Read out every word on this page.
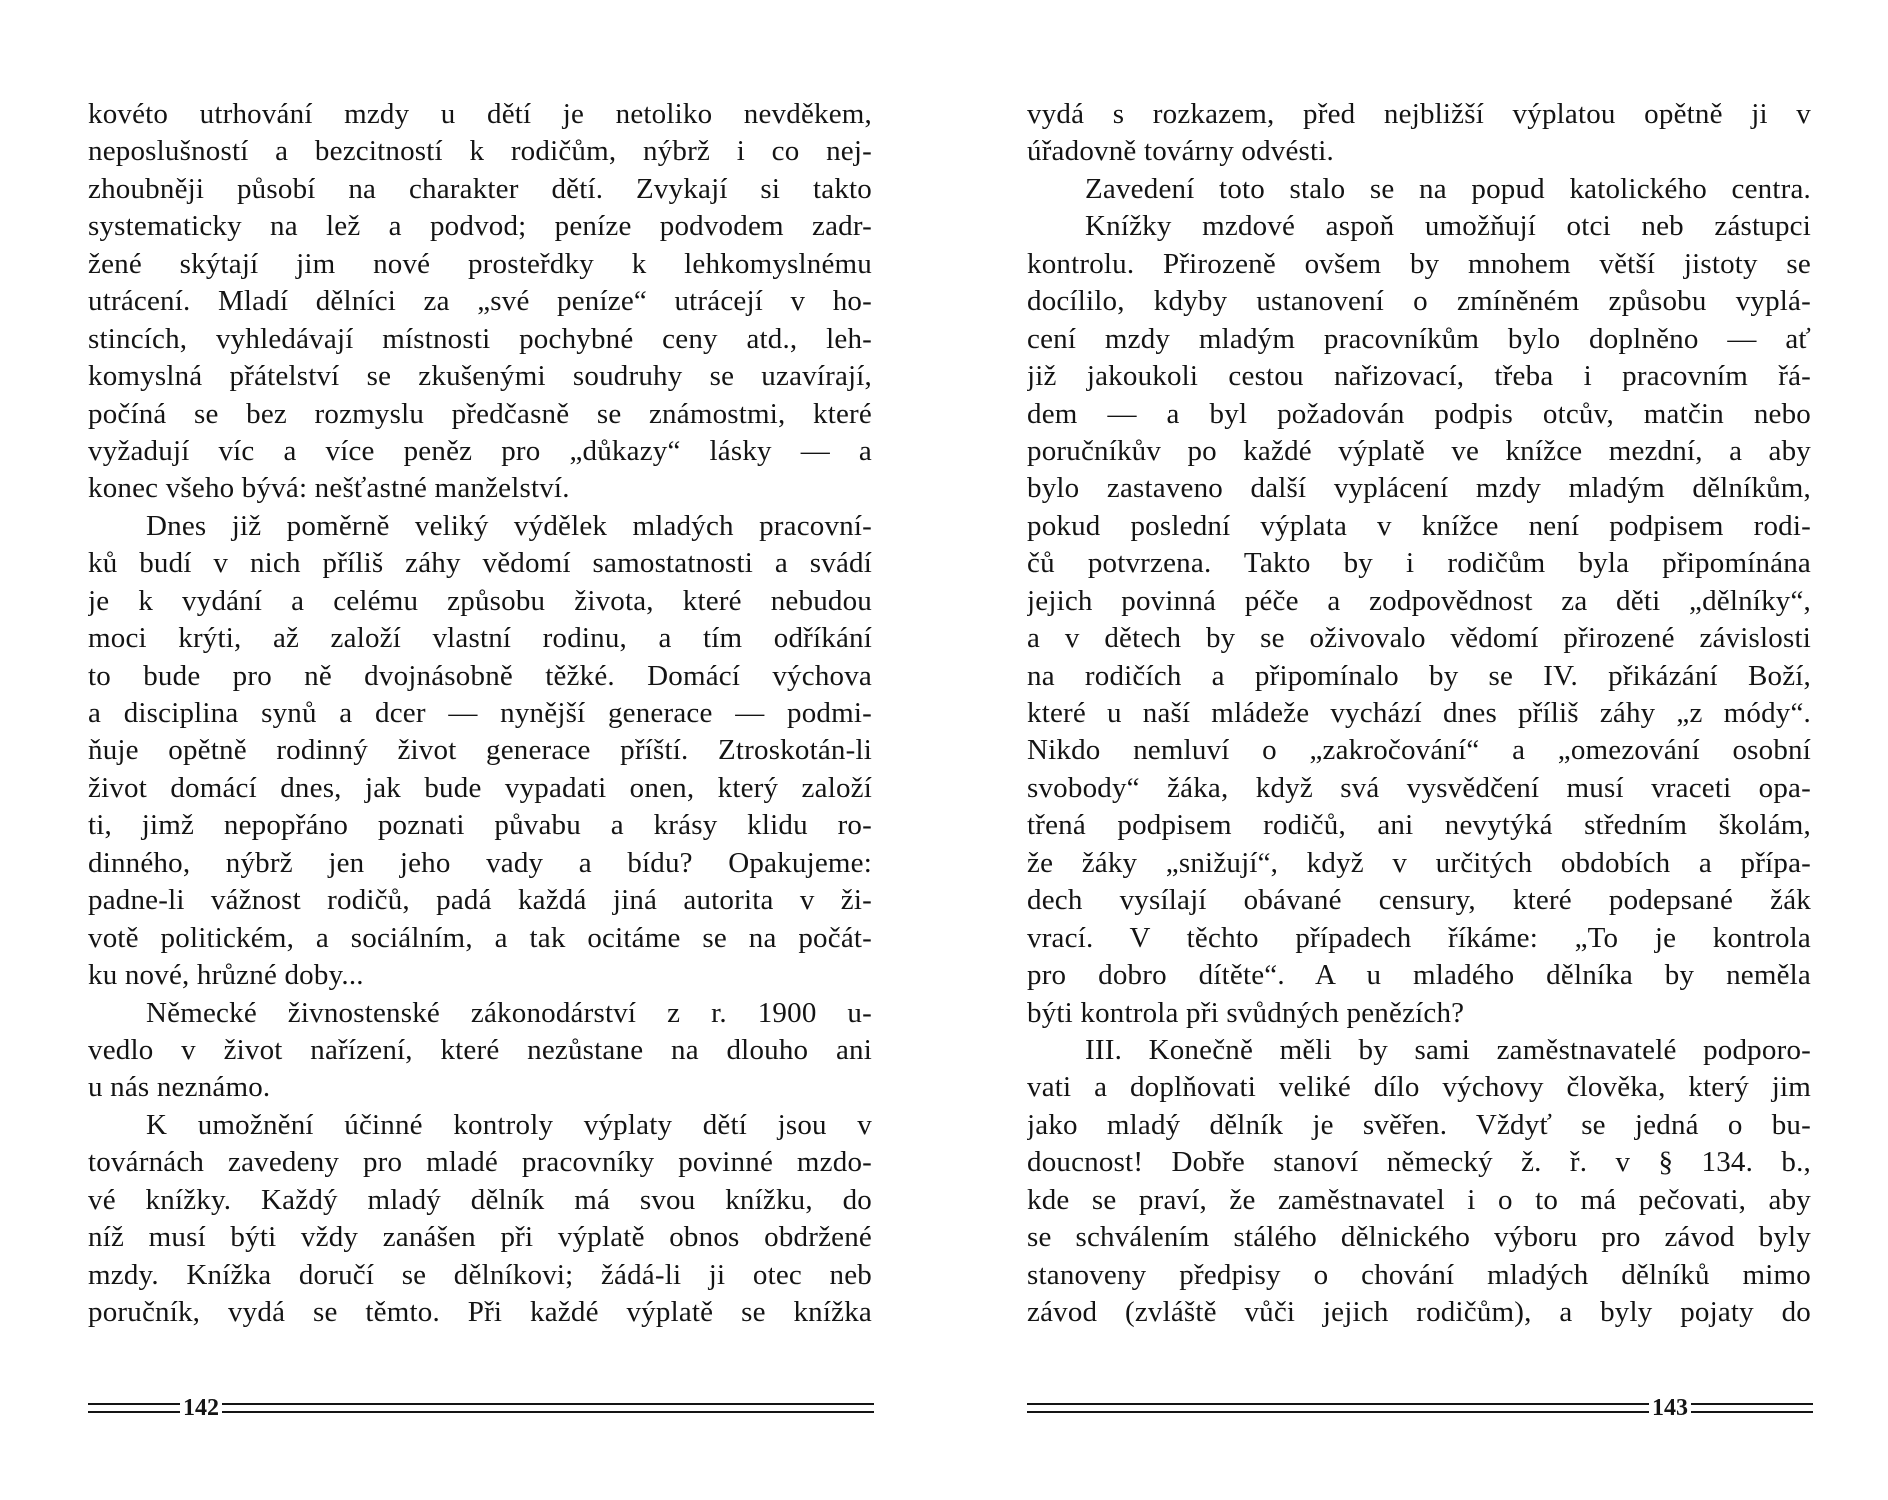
kovéto utrhování mzdy u dětí je netoliko nevděkem,
neposlušností a bezcitností k rodičům, nýbrž i co nej-
zhoubněji působí na charakter dětí. Zvykají si takto
systematicky na lež a podvod; peníze podvodem zadr-
žené skýtají jim nové prosteřdky k lehkomyslnému
utrácení. Mladí dělníci za „své peníze“ utrácejí v ho-
stincích, vyhledávají místnosti pochybné ceny atd., leh-
komyslná přátelství se zkušenými soudruhy se uzavírají,
počíná se bez rozmyslu předčasně se známostmi, které
vyžadují víc a více peněz pro „důkazy“ lásky — a
konec všeho bývá: nešťastné manželství.
Dnes již poměrně veliký výdělek mladých pracovní-
ků budí v nich příliš záhy vědomí samostatnosti a svádí
je k vydání a celému způsobu života, které nebudou
moci krýti, až založí vlastní rodinu, a tím odříkání
to bude pro ně dvojnásobně těžké. Domácí výchova
a disciplina synů a dcer — nynější generace — podmi-
ňuje opětně rodinný život generace příští. Ztroskotán-li
život domácí dnes, jak bude vypadati onen, který založí
ti, jimž nepopřáno poznati půvabu a krásy klidu ro-
dinného, nýbrž jen jeho vady a bídu? Opakujeme:
padne-li vážnost rodičů, padá každá jiná autorita v ži-
votě politickém, a sociálním, a tak ocitáme se na počát-
ku nové, hrůzné doby...
Německé živnostenské zákonodárství z r. 1900 u-
vedlo v život nařízení, které nezůstane na dlouho ani
u nás neznámo.
K umožnění účinné kontroly výplaty dětí jsou v
továrnách zavedeny pro mladé pracovníky povinné mzdo-
vé knížky. Každý mladý dělník má svou knížku, do
níž musí býti vždy zanášen při výplatě obnos obdržené
mzdy. Knížka doručí se dělníkovi; žádá-li ji otec neb
poručník, vydá se těmto. Při každé výplatě se knížka
vydá s rozkazem, před nejbližší výplatou opětně ji v
úřadovně továrny odvésti.
Zavedení toto stalo se na popud katolického centra.
Knížky mzdové aspoň umožňují otci neb zástupci
kontrolu. Přirozeně ovšem by mnohem větší jistoty se
docílilo, kdyby ustanovení o zmíněném způsobu vyplá-
cení mzdy mladým pracovníkům bylo doplněno — ať
již jakoukoli cestou nařizovací, třeba i pracovním řá-
dem — a byl požadován podpis otcův, matčin nebo
poručníkův po každé výplatě ve knížce mezdní, a aby
bylo zastaveno další vyplácení mzdy mladým dělníkům,
pokud poslední výplata v knížce není podpisem rodi-
čů potvrzena. Takto by i rodičům byla připomínána
jejich povinná péče a zodpovědnost za děti „dělníky“,
a v dětech by se oživovalo vědomí přirozené závislosti
na rodičích a připomínalo by se IV. přikázání Boží,
které u naší mládeže vychází dnes příliš záhy „z módy“.
Nikdo nemluví o „zakročování“ a „omezování osobní
svobody“ žáka, když svá vysvědčení musí vraceti opa-
třená podpisem rodičů, ani nevytýká středním školám,
že žáky „snižují“, když v určitých obdobích a přípa-
dech vysílají obávané censury, které podepsané žák
vrací. V těchto případech říkáme: „To je kontrola
pro dobro dítěte“. A u mladého dělníka by neměla
býti kontrola při svůdných penězích?
III. Konečně měli by sami zaměstnavatelé podporo-
vati a doplňovati veliké dílo výchovy člověka, který jim
jako mladý dělník je svěřen. Vždyť se jedná o bu-
doucnost! Dobře stanoví německý ž. ř. v § 134. b.,
kde se praví, že zaměstnavatel i o to má pečovati, aby
se schválením stálého dělnického výboru pro závod byly
stanoveny předpisy o chování mladých dělníků mimo
závod (zvláště vůči jejich rodičům), a byly pojaty do
142	143
